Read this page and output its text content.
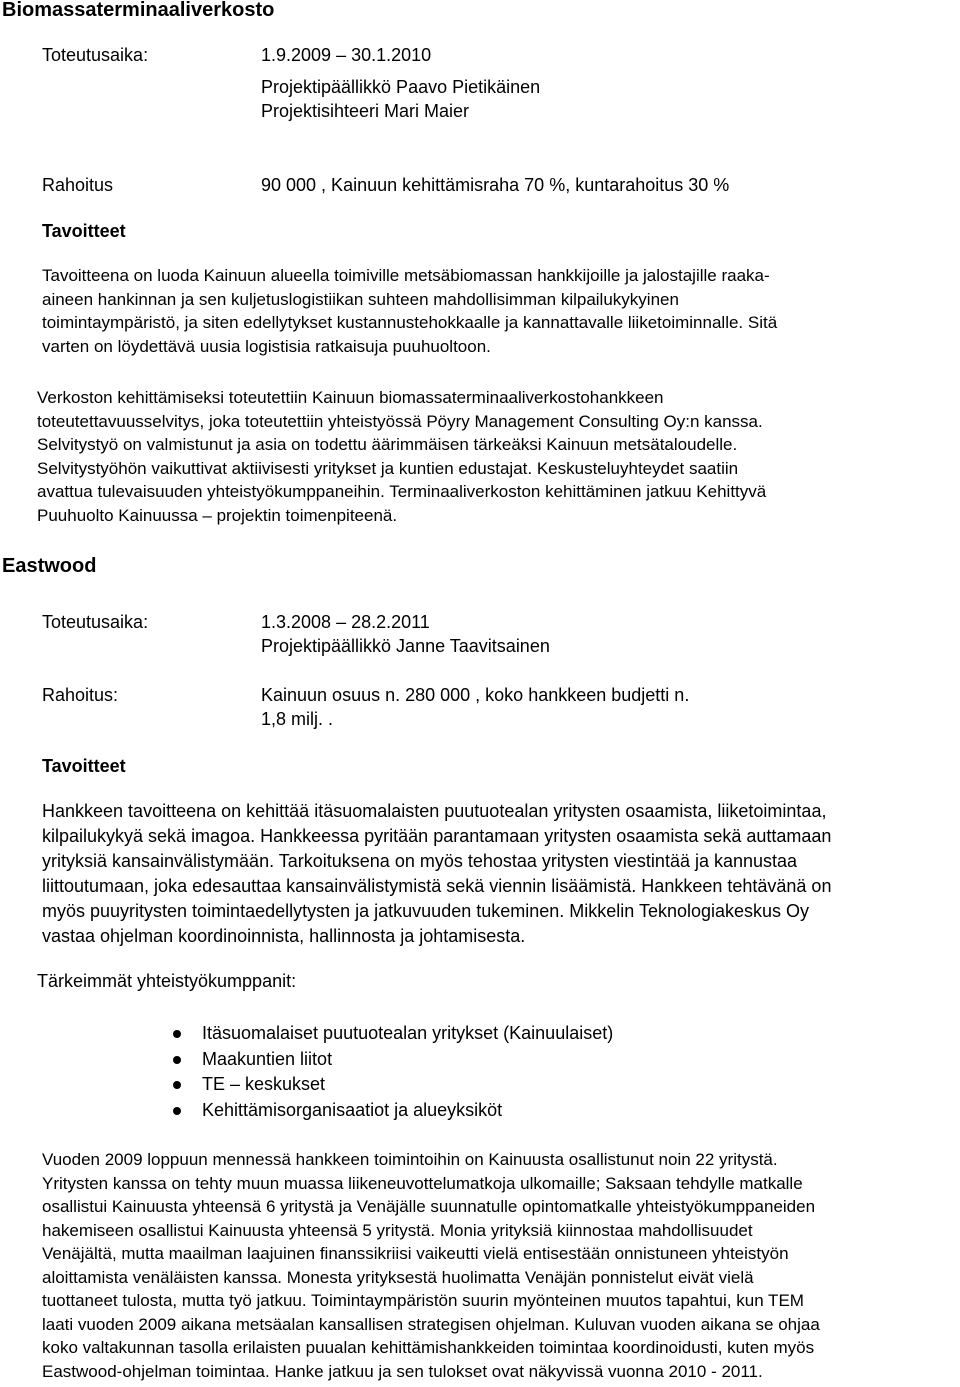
Biomassaterminaaliverkosto
Toteutusaika:	1.9.2009 – 30.1.2010
Projektipäällikkö Paavo Pietikäinen
Projektisihteeri Mari Maier
Rahoitus	90 000 , Kainuun kehittämisraha 70 %, kuntarahoitus 30 %
Tavoitteet
Tavoitteena on luoda Kainuun alueella toimiville metsäbiomassan hankkijoille ja jalostajille raaka-
aineen hankinnan ja sen kuljetuslogistiikan suhteen mahdollisimman kilpailukykyinen
toimintaympäristö, ja siten edellytykset kustannustehokkaalle ja kannattavalle liiketoiminnalle. Sitä
varten on löydettävä uusia logistisia ratkaisuja puuhuoltoon.
Verkoston kehittämiseksi toteutettiin Kainuun biomassaterminaaliverkostohankkeen
toteutettavuusselvitys, joka toteutettiin yhteistyössä Pöyry Management Consulting Oy:n kanssa.
Selvitystyö on valmistunut ja asia on todettu äärimmäisen tärkeäksi Kainuun metsätaloudelle.
Selvitystyöhön vaikuttivat aktiivisesti yritykset ja kuntien edustajat. Keskusteluyhteydet saatiin
avattua tulevaisuuden yhteistyökumppaneihin. Terminaaliverkoston kehittäminen jatkuu Kehittyvä
Puuhuolto Kainuussa – projektin toimenpiteenä.
Eastwood
Toteutusaika:	1.3.2008 – 28.2.2011
Projektipäällikkö Janne Taavitsainen
Rahoitus:	Kainuun osuus n. 280 000 , koko hankkeen budjetti n.
1,8 milj. .
Tavoitteet
Hankkeen tavoitteena on kehittää itäsuomalaisten puutuotealan yritysten osaamista, liiketoimintaa,
kilpailukykyä sekä imagoa. Hankkeessa pyritään parantamaan yritysten osaamista sekä auttamaan
yrityksiä kansainvälistymään. Tarkoituksena on myös tehostaa yritysten viestintää ja kannustaa
liittoutumaan, joka edesauttaa kansainvälistymistä sekä viennin lisäämistä. Hankkeen tehtävänä on
myös puuyritysten toimintaedellytysten ja jatkuvuuden tukeminen. Mikkelin Teknologiakeskus Oy
vastaa ohjelman koordinoinnista, hallinnosta ja johtamisesta.
Tärkeimmät yhteistyökumppanit:
Itäsuomalaiset puutuotealan yritykset (Kainuulaiset)
Maakuntien liitot
TE – keskukset
Kehittämisorganisaatiot ja alueyksiköt
Vuoden 2009 loppuun mennessä hankkeen toimintoihin on Kainuusta osallistunut noin 22 yritystä.
Yritysten kanssa on tehty muun muassa liikeneuvottelumatkoja ulkomaille; Saksaan tehdylle matkalle
osallistui Kainuusta yhteensä 6 yritystä ja Venäjälle suunnatulle opintomatkalle yhteistyökumppaneiden
hakemiseen osallistui Kainuusta yhteensä 5 yritystä. Monia yrityksiä kiinnostaa mahdollisuudet
Venäjältä, mutta maailman laajuinen finanssikriisi vaikeutti vielä entisestään onnistuneen yhteistyön
aloittamista venäläisten kanssa. Monesta yrityksestä huolimatta Venäjän ponnistelut eivät vielä
tuottaneet tulosta, mutta työ jatkuu. Toimintaympäristön suurin myönteinen muutos tapahtui, kun TEM
laati vuoden 2009 aikana metsäalan kansallisen strategisen ohjelman. Kuluvan vuoden aikana se ohjaa
koko valtakunnan tasolla erilaisten puualan kehittämishankkeiden toimintaa koordinoidusti, kuten myös
Eastwood-ohjelman toimintaa. Hanke jatkuu ja sen tulokset ovat näkyvissä vuonna 2010 - 2011.
